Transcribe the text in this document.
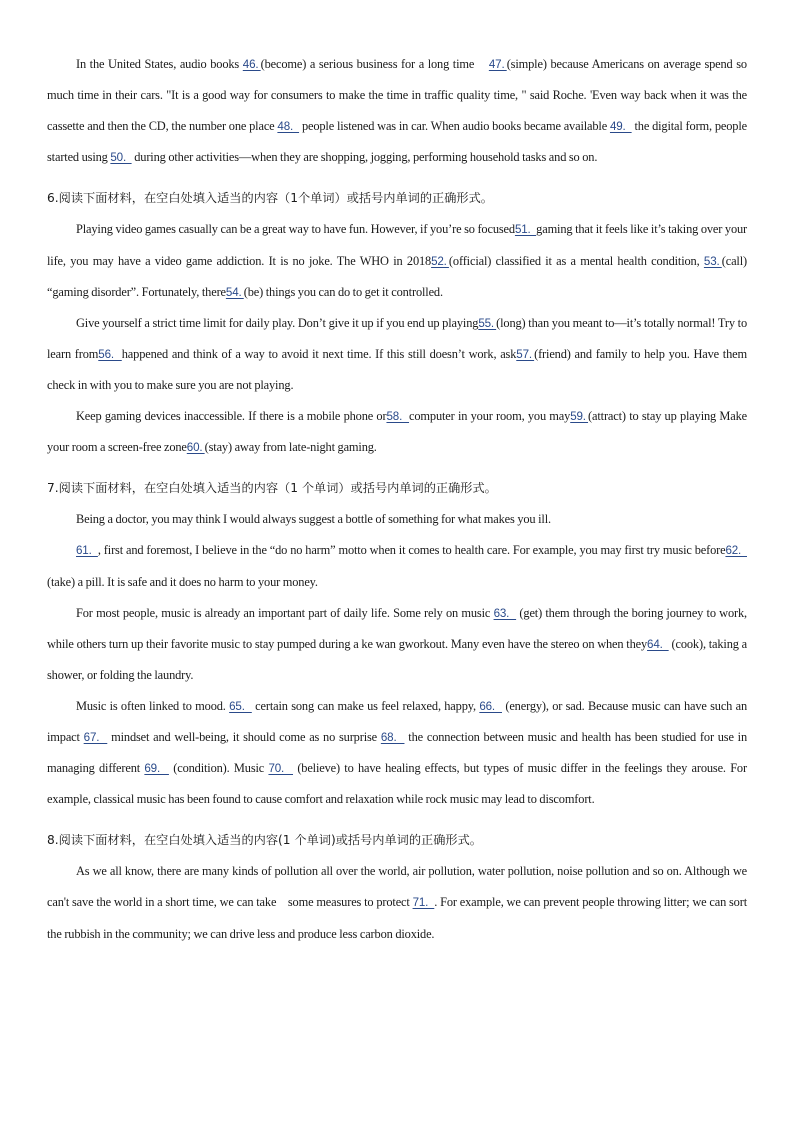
In the United States, audio books 46. (become) a serious business for a long time    47. (simple) because Americans on average spend so much time in their cars. "It is a good way for consumers to make the time in traffic quality time, " said Roche. 'Even way back when it was the cassette and then the CD, the number one place 48.   people listened was in car. When audio books became available 49.   the digital form, people started using 50.   during other activities—when they are shopping, jogging, performing household tasks and so on.

6.阅读下面材料，在空白处填入适当的内容（1个单词）或括号内单词的正确形式。

Playing video games casually can be a great way to have fun. However, if you’re so focused51.  gaming that it feels like it’s taking over your life, you may have a video game addiction. It is no joke. The WHO in 201852. (official) classified it as a mental health condition, 53. (call) “gaming disorder”. Fortunately, there54. (be) things you can do to get it controlled.

Give yourself a strict time limit for daily play. Don’t give it up if you end up playing55. (long) than you meant to—it’s totally normal! Try to learn from56.  happened and think of a way to avoid it next time. If this still doesn’t work, ask57. (friend) and family to help you. Have them check in with you to make sure you are not playing.

Keep gaming devices inaccessible. If there is a mobile phone or58.  computer in your room, you may59. (attract) to stay up playing Make your room a screen-free zone60. (stay) away from late-night gaming.

7.阅读下面材料，在空白处填入适当的内容（1 个单词）或括号内单词的正确形式。

Being a doctor, you may think I would always suggest a bottle of something for what makes you ill.

61.  , first and foremost, I believe in the “do no harm” motto when it comes to health care. For example, you may first try music before62.   (take) a pill. It is safe and it does no harm to your money.

For most people, music is already an important part of daily life. Some rely on music 63.   (get) them through the boring journey to work, while others turn up their favorite music to stay pumped during a ke wan gworkout. Many even have the stereo on when they64.   (cook), taking a shower, or folding the laundry.

Music is often linked to mood. 65.   certain song can make us feel relaxed, happy, 66.   (energy), or sad. Because music can have such an impact 67.   mindset and well-being, it should come as no surprise 68.   the connection between music and health has been studied for use in managing different 69.   (condition). Music 70.   (believe) to have healing effects, but types of music differ in the feelings they arouse. For example, classical music has been found to cause comfort and relaxation while rock music may lead to discomfort.

8.阅读下面材料，在空白处填入适当的内容(1 个单词)或括号内单词的正确形式。

As we all know, there are many kinds of pollution all over the world, air pollution, water pollution, noise pollution and so on. Although we can't save the world in a short time, we can take    some measures to protect 71.  . For example, we can prevent people throwing litter; we can sort the rubbish in the community; we can drive less and produce less carbon dioxide.
